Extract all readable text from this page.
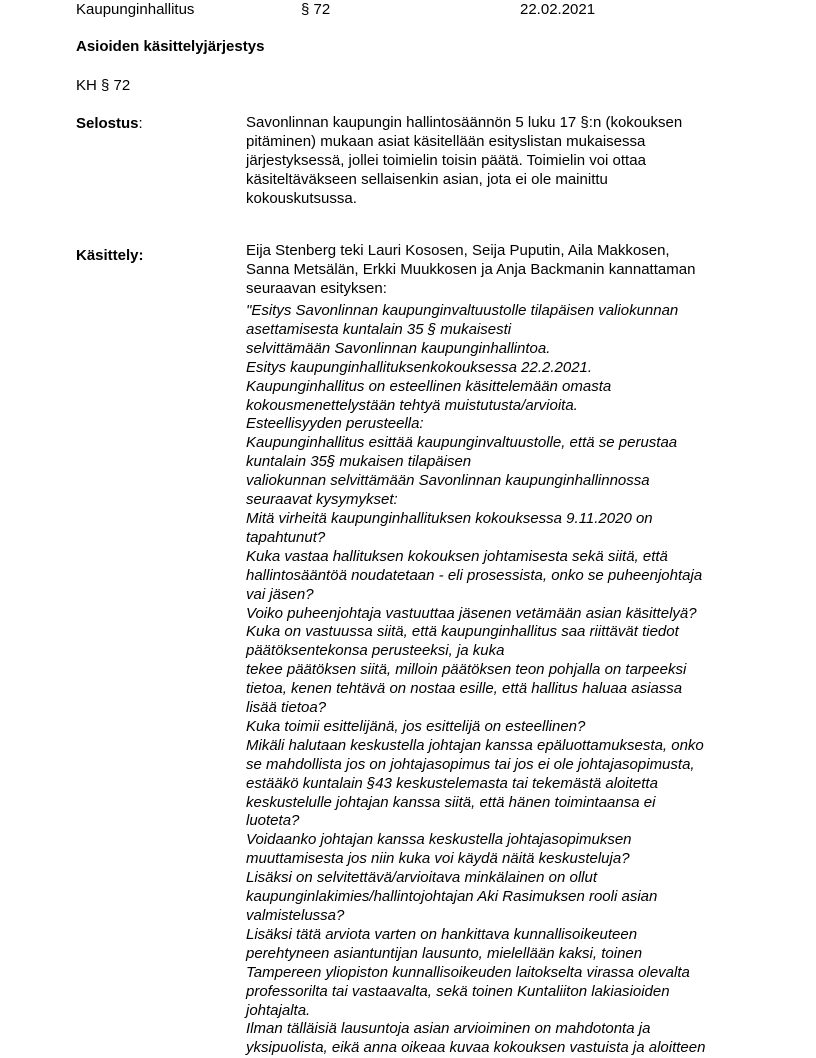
Kaupunginhallitus	§ 72	22.02.2021
Asioiden käsittelyjärjestys
KH § 72
Selostus:	Savonlinnan kaupungin hallintosäännön 5 luku 17 §:n (kokouksen
pitäminen) mukaan asiat käsitellään esityslistan mukaisessa
järjestyksessä, jollei toimielin toisin päätä. Toimielin voi ottaa
käsiteltäväkseen sellaisenkin asian, jota ei ole mainittu
kokouskutsussa.
Käsittely:	Eija Stenberg teki Lauri Kososen, Seija Puputin, Aila Makkosen,
Sanna Metsälän, Erkki Muukkosen ja Anja Backmanin kannattaman
seuraavan esityksen:
"Esitys Savonlinnan kaupunginvaltuustolle tilapäisen valiokunnan
asettamisesta kuntalain 35 § mukaisesti
selvittämään Savonlinnan kaupunginhallintoa.
Esitys kaupunginhallituksenkokouksessa 22.2.2021.
Kaupunginhallitus on esteellinen käsittelemään omasta
kokousmenettelystään tehtyä muistutusta/arvioita.
Esteellisyyden perusteella:
Kaupunginhallitus esittää kaupunginvaltuustolle, että se perustaa
kuntalain 35§ mukaisen tilapäisen
valiokunnan selvittämään Savonlinnan kaupunginhallinnossa
seuraavat kysymykset:
Mitä virheitä kaupunginhallituksen kokouksessa 9.11.2020 on
tapahtunut?
Kuka vastaa hallituksen kokouksen johtamisesta sekä siitä, että
hallintosääntöä noudatetaan - eli prosessista, onko se puheenjohtaja
vai jäsen?
Voiko puheenjohtaja vastuuttaa jäsenen vetämään asian käsittelyä?
Kuka on vastuussa siitä, että kaupunginhallitus saa riittävät tiedot
päätöksentekonsa perusteeksi, ja kuka
tekee päätöksen siitä, milloin päätöksen teon pohjalla on tarpeeksi
tietoa, kenen tehtävä on nostaa esille, että hallitus haluaa asiassa
lisää tietoa?
Kuka toimii esittelijänä, jos esittelijä on esteellinen?
Mikäli halutaan keskustella johtajan kanssa epäluottamuksesta, onko
se mahdollista jos on johtajasopimus tai jos ei ole johtajasopimusta,
estääkö kuntalain §43 keskustelemasta tai tekemästä aloitetta
keskustelulle johtajan kanssa siitä, että hänen toimintaansa ei
luoteta?
Voidaanko johtajan kanssa keskustella johtajasopimuksen
muuttamisesta jos niin kuka voi käydä näitä keskusteluja?
Lisäksi on selvitettävä/arvioitava minkälainen on ollut
kaupunginlakimies/hallintojohtajan Aki Rasimuksen rooli asian
valmistelussa?
Lisäksi tätä arviota varten on hankittava kunnallisoikeuteen
perehtyneen asiantuntijan lausunto, mielellään kaksi, toinen
Tampereen yliopiston kunnallisoikeuden laitokselta virassa olevalta
professorilta tai vastaavalta, sekä toinen Kuntaliiton lakiasioiden
johtajalta.
Ilman tälläisiä lausuntoja asian arvioiminen on mahdotonta ja
yksipuolista, eikä anna oikeaa kuvaa kokouksen vastuista ja aloitteen
